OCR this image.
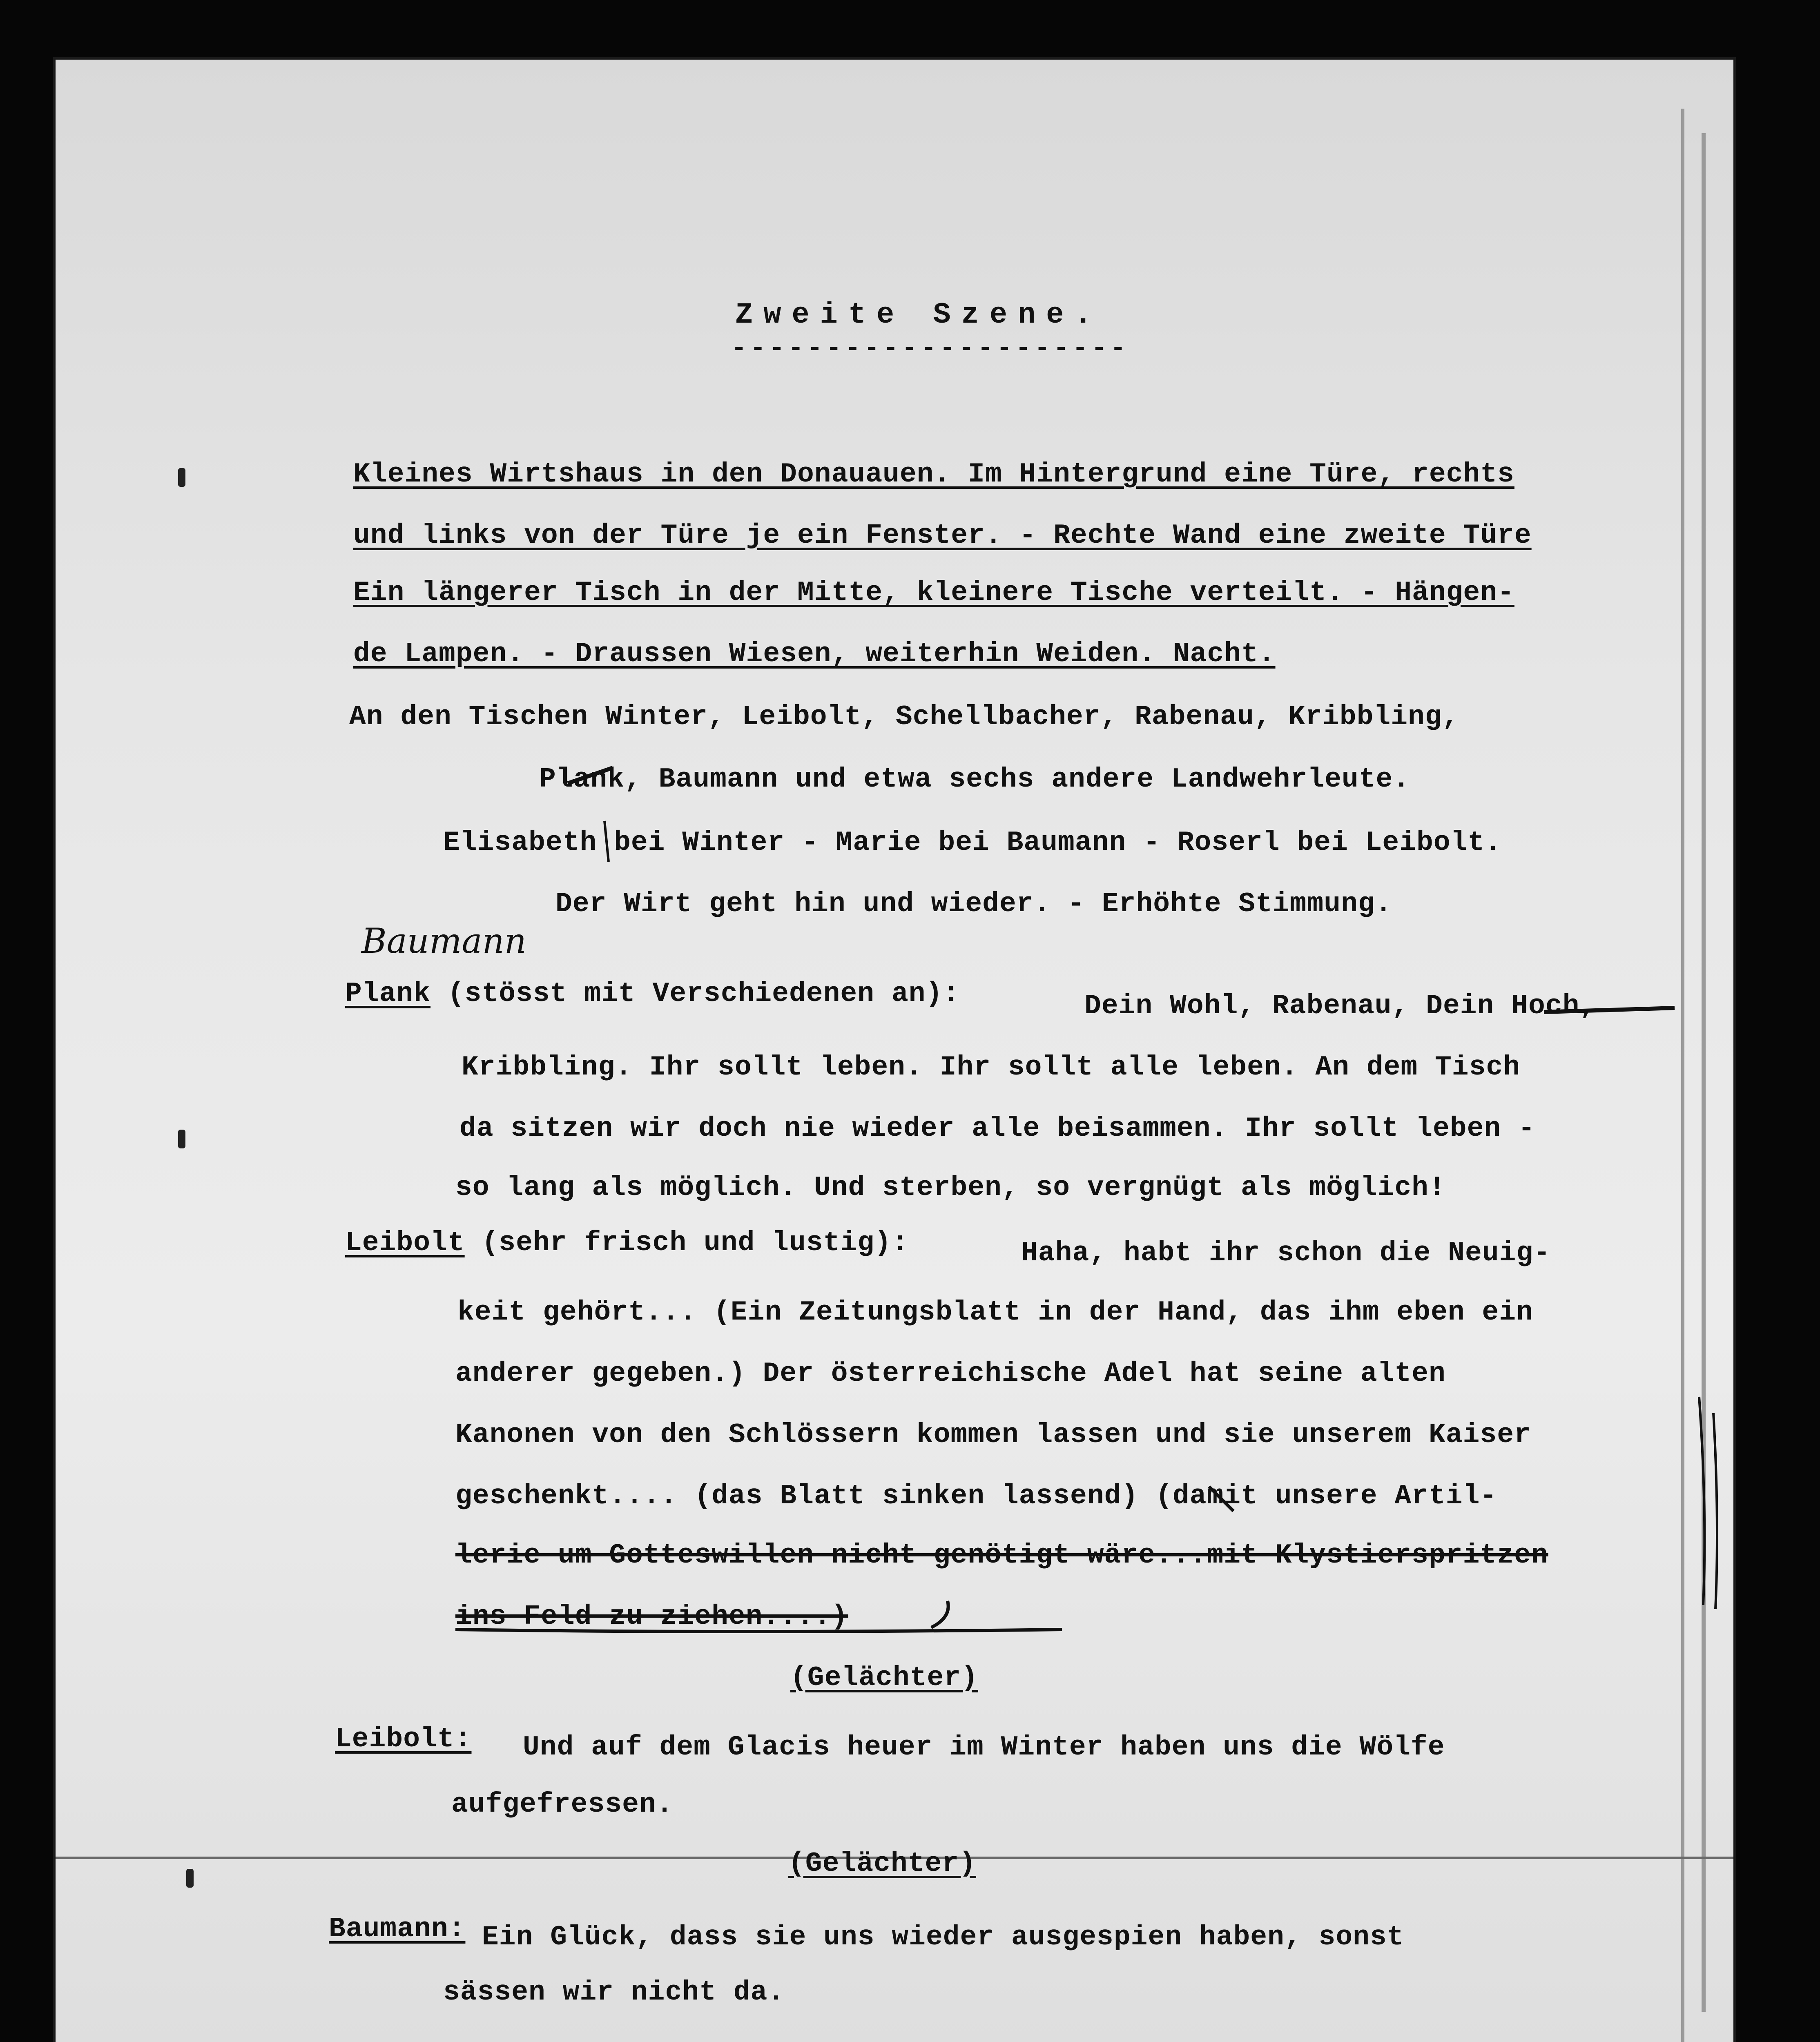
Zweite Szene.
---------------------
Kleines Wirtshaus in den Donauauen. Im Hintergrund eine Türe, rechts
und links von der Türe je ein Fenster. - Rechte Wand eine zweite Türe
Ein längerer Tisch in der Mitte, kleinere Tische verteilt. - Hängen-
de Lampen. - Draussen Wiesen, weiterhin Weiden. Nacht.
An den Tischen Winter, Leibolt, Schellbacher, Rabenau, Kribbling,
Plank, Baumann und etwa sechs andere Landwehrleute.
Elisabeth bei Winter - Marie bei Baumann - Roserl bei Leibolt.
Der Wirt geht hin und wieder. - Erhöhte Stimmung.
Baumann
Plank (stösst mit Verschiedenen an):	Dein Wohl, Rabenau, Dein Hoch,
Kribbling. Ihr sollt leben. Ihr sollt alle leben. An dem Tisch
da sitzen wir doch nie wieder alle beisammen. Ihr sollt leben -
so lang als möglich. Und sterben, so vergnügt als möglich!
Leibolt (sehr frisch und lustig):	Haha, habt ihr schon die Neuig-
keit gehört... (Ein Zeitungsblatt in der Hand, das ihm eben ein
anderer gegeben.) Der österreichische Adel hat seine alten
Kanonen von den Schlössern kommen lassen und sie unserem Kaiser
geschenkt.... (das Blatt sinken lassend) (damit unsere Artil-
lerie um Gotteswillen nicht genötigt wäre...mit Klystierspritzen
ins Feld zu ziehen....)
(Gelächter)
Leibolt: Und auf dem Glacis heuer im Winter haben uns die Wölfe
aufgefressen.
(Gelächter)
Baumann: Ein Glück, dass sie uns wieder ausgespien haben, sonst
sässen wir nicht da.
